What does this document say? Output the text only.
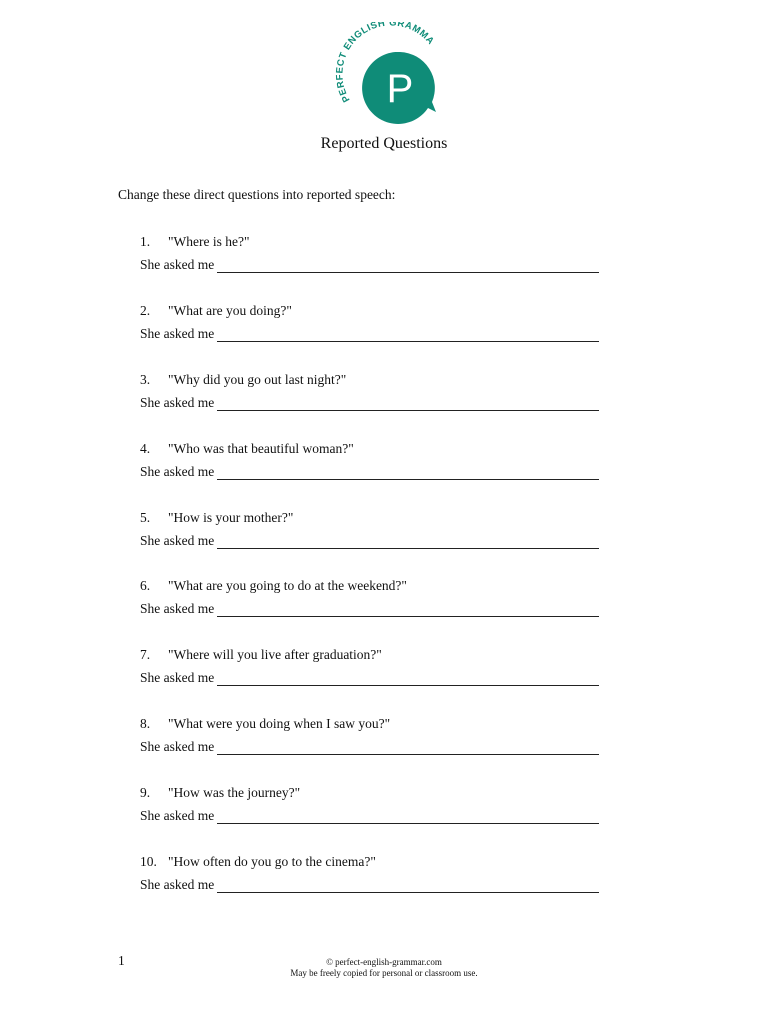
PERFECT ENGLISH GRAMMA
P
Reported Questions
Change these direct questions into reported speech:
1.	"Where is he?"
She asked me
2.	"What are you doing?"
She asked me
3.	"Why did you go out last night?"
She asked me
4.	"Who was that beautiful woman?"
She asked me
5.	"How is your mother?"
She asked me
6.	"What are you going to do at the weekend?"
She asked me
7.	"Where will you live after graduation?"
She asked me
8.	"What were you doing when I saw you?"
She asked me
9.	"How was the journey?"
She asked me
10. "How often do you go to the cinema?"
She asked me
1	© perfect-english-grammar.com
May be freely copied for personal or classroom use.
